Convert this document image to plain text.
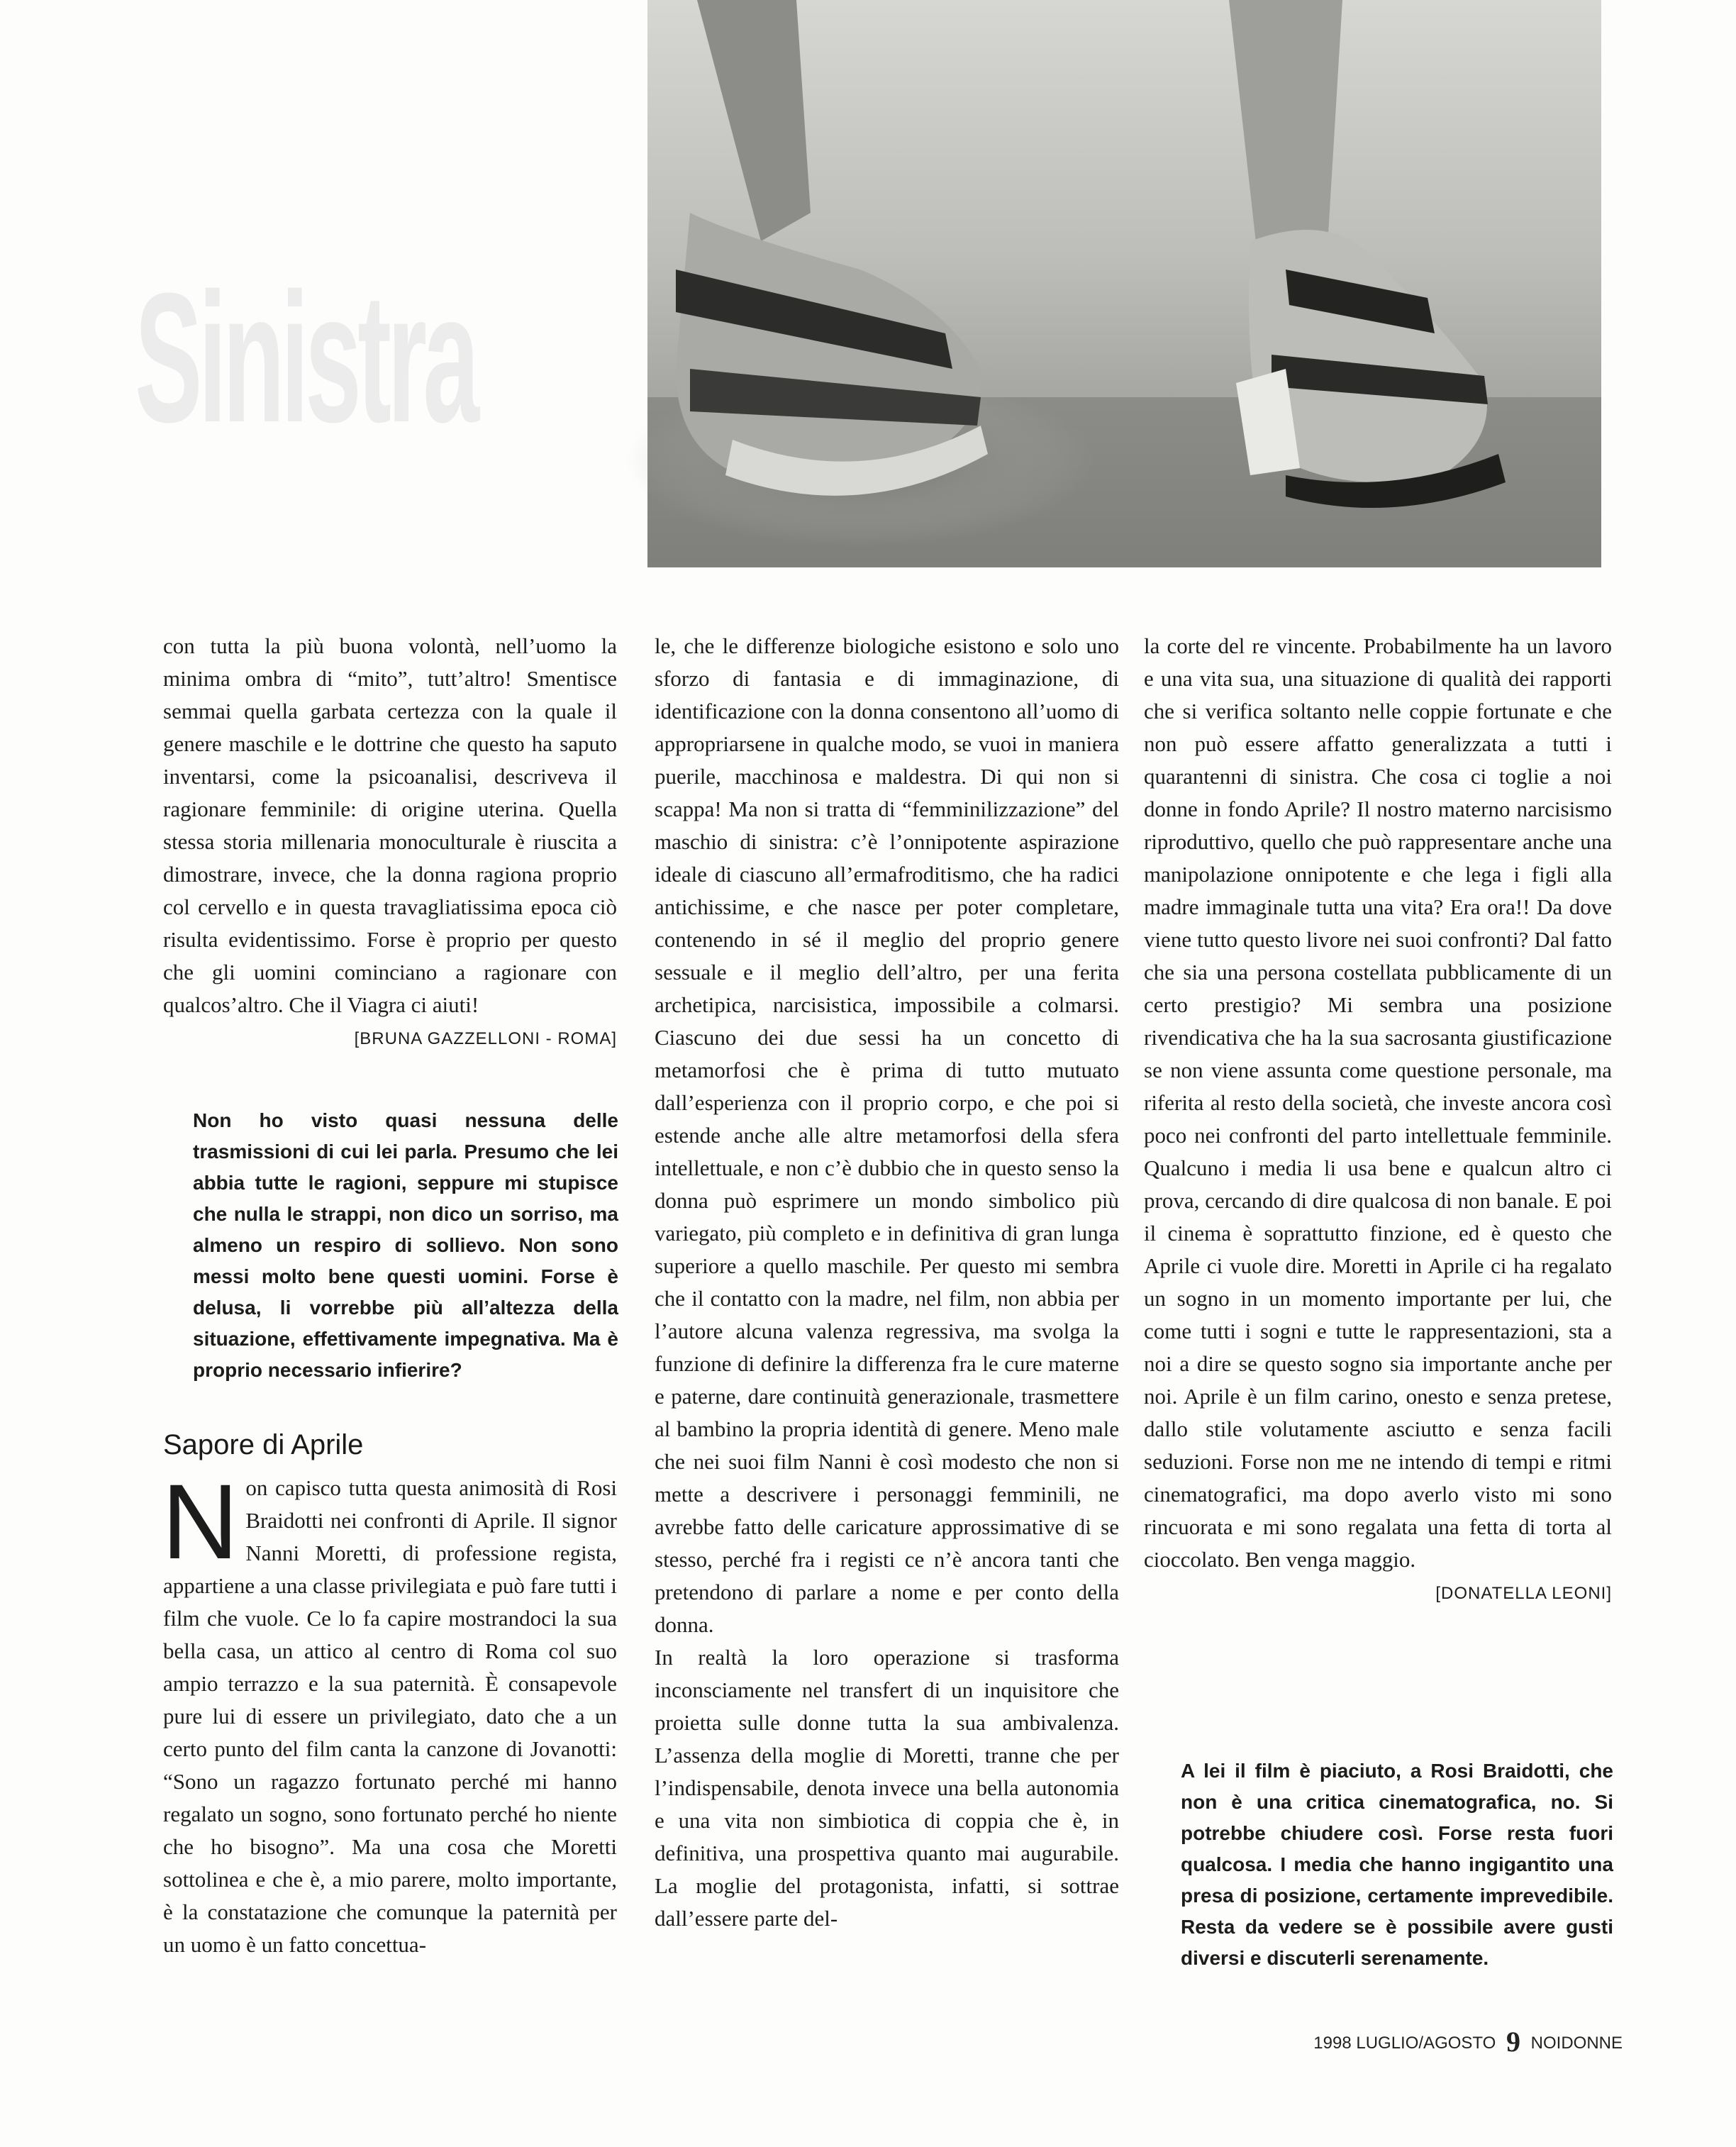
Sinistra

con tutta la più buona volontà, nell’uomo la minima ombra di “mito”, tutt’altro! Smentisce semmai quella garbata certezza con la quale il genere maschile e le dottrine che questo ha saputo inventarsi, come la psicoanalisi, descriveva il ragionare femminile: di origine uterina. Quella stessa storia millenaria monoculturale è riuscita a dimostrare, invece, che la donna ragiona proprio col cervello e in questa travagliatissima epoca ciò risulta evidentissimo. Forse è proprio per questo che gli uomini cominciano a ragionare con qualcos’altro. Che il Viagra ci aiuti!

[BRUNA GAZZELLONI - ROMA]

Non ho visto quasi nessuna delle trasmissioni di cui lei parla. Presumo che lei abbia tutte le ragioni, seppure mi stupisce che nulla le strappi, non dico un sorriso, ma almeno un respiro di sollievo. Non sono messi molto bene questi uomini. Forse è delusa, li vorrebbe più all’altezza della situazione, effettivamente impegnativa. Ma è proprio necessario infierire?

Sapore di Aprile
N on capisco tutta questa animosità di Rosi Braidotti nei confronti di Aprile. Il signor Nanni Moretti, di professione regista, appartiene a una classe privilegiata e può fare tutti i film che vuole. Ce lo fa capire mostrandoci la sua bella casa, un attico al centro di Roma col suo ampio terrazzo e la sua paternità. È consapevole pure lui di essere un privilegiato, dato che a un certo punto del film canta la canzone di Jovanotti: “Sono un ragazzo fortunato perché mi hanno regalato un sogno, sono fortunato perché ho niente che ho bisogno”. Ma una cosa che Moretti sottolinea e che è, a mio parere, molto importante, è la constatazione che comunque la paternità per un uomo è un fatto concettua-

le, che le differenze biologiche esistono e solo uno sforzo di fantasia e di immaginazione, di identificazione con la donna consentono all’uomo di appropriarsene in qualche modo, se vuoi in maniera puerile, macchinosa e maldestra. Di qui non si scappa! Ma non si tratta di “femminilizzazione” del maschio di sinistra: c’è l’onnipotente aspirazione ideale di ciascuno all’ermafroditismo, che ha radici antichissime, e che nasce per poter completare, contenendo in sé il meglio del proprio genere sessuale e il meglio dell’altro, per una ferita archetipica, narcisistica, impossibile a colmarsi. Ciascuno dei due sessi ha un concetto di metamorfosi che è prima di tutto mutuato dall’esperienza con il proprio corpo, e che poi si estende anche alle altre metamorfosi della sfera intellettuale, e non c’è dubbio che in questo senso la donna può esprimere un mondo simbolico più variegato, più completo e in definitiva di gran lunga superiore a quello maschile. Per questo mi sembra che il contatto con la madre, nel film, non abbia per l’autore alcuna valenza regressiva, ma svolga la funzione di definire la differenza fra le cure materne e paterne, dare continuità generazionale, trasmettere al bambino la propria identità di genere. Meno male che nei suoi film Nanni è così modesto che non si mette a descrivere i personaggi femminili, ne avrebbe fatto delle caricature approssimative di se stesso, perché fra i registi ce n’è ancora tanti che pretendono di parlare a nome e per conto della donna.

In realtà la loro operazione si trasforma inconsciamente nel transfert di un inquisitore che proietta sulle donne tutta la sua ambivalenza. L’assenza della moglie di Moretti, tranne che per l’indispensabile, denota invece una bella autonomia e una vita non simbiotica di coppia che è, in definitiva, una prospettiva quanto mai augurabile. La moglie del protagonista, infatti, si sottrae dall’essere parte del-

la corte del re vincente. Probabilmente ha un lavoro e una vita sua, una situazione di qualità dei rapporti che si verifica soltanto nelle coppie fortunate e che non può essere affatto generalizzata a tutti i quarantenni di sinistra. Che cosa ci toglie a noi donne in fondo Aprile? Il nostro materno narcisismo riproduttivo, quello che può rappresentare anche una manipolazione onnipotente e che lega i figli alla madre immaginale tutta una vita? Era ora!! Da dove viene tutto questo livore nei suoi confronti? Dal fatto che sia una persona costellata pubblicamente di un certo prestigio? Mi sembra una posizione rivendicativa che ha la sua sacrosanta giustificazione se non viene assunta come questione personale, ma riferita al resto della società, che investe ancora così poco nei confronti del parto intellettuale femminile. Qualcuno i media li usa bene e qualcun altro ci prova, cercando di dire qualcosa di non banale. E poi il cinema è soprattutto finzione, ed è questo che Aprile ci vuole dire. Moretti in Aprile ci ha regalato un sogno in un momento importante per lui, che come tutti i sogni e tutte le rappresentazioni, sta a noi a dire se questo sogno sia importante anche per noi. Aprile è un film carino, onesto e senza pretese, dallo stile volutamente asciutto e senza facili seduzioni. Forse non me ne intendo di tempi e ritmi cinematografici, ma dopo averlo visto mi sono rincuorata e mi sono regalata una fetta di torta al cioccolato. Ben venga maggio.

[DONATELLA LEONI]

A lei il film è piaciuto, a Rosi Braidotti, che non è una critica cinematografica, no. Si potrebbe chiudere così. Forse resta fuori qualcosa. I media che hanno ingigantito una presa di posizione, certamente imprevedibile. Resta da vedere se è possibile avere gusti diversi e discuterli serenamente.

1998 LUGLIO/AGOSTO 9 NOIDONNE
